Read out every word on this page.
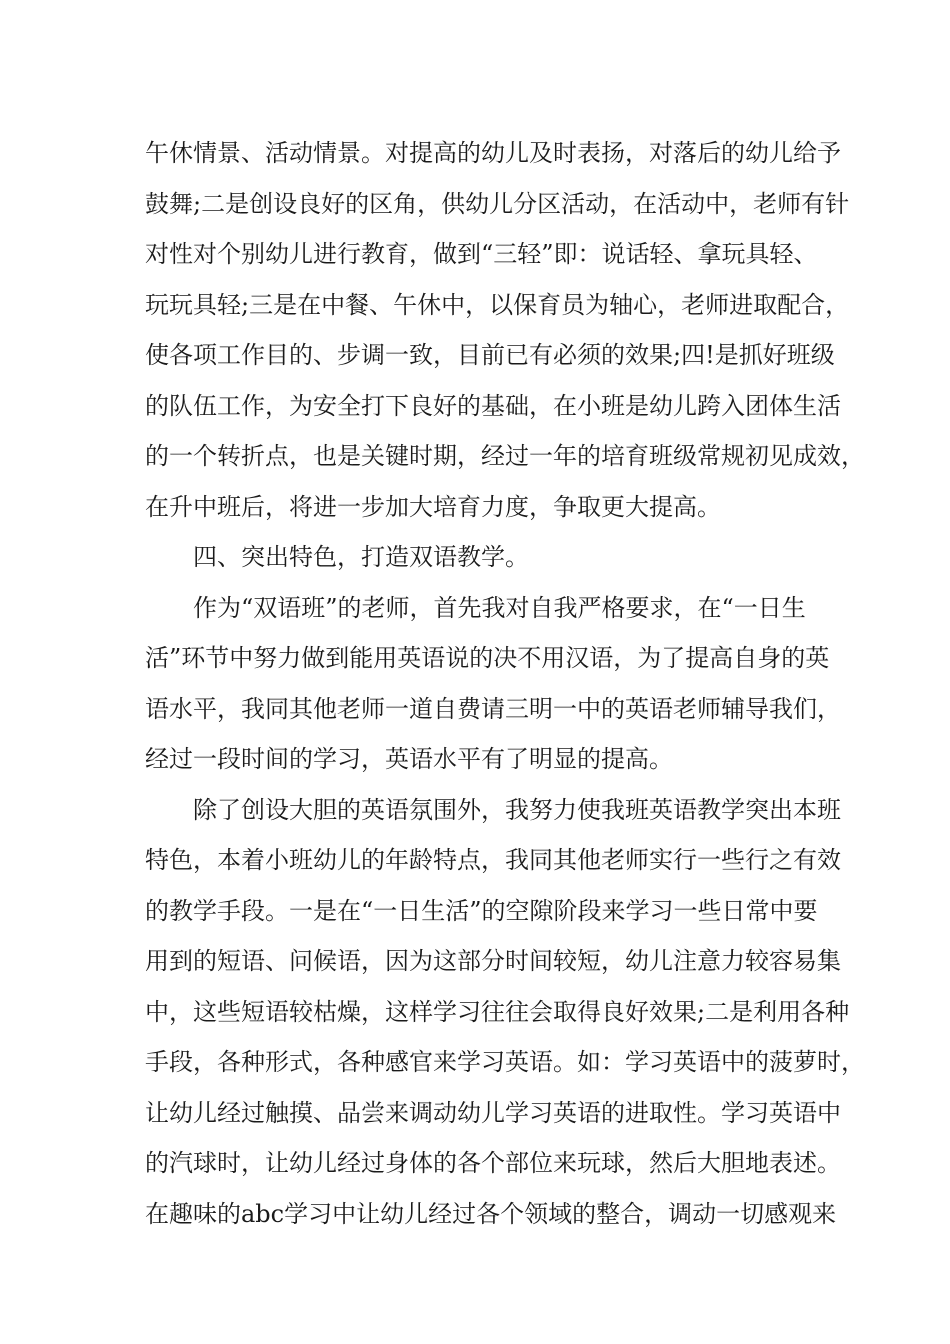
午休情景、活动情景。对提高的幼儿及时表扬，对落后的幼儿给予
鼓舞;二是创设良好的区角，供幼儿分区活动，在活动中，老师有针
对性对个别幼儿进行教育，做到“三轻”即：说话轻、拿玩具轻、
玩玩具轻;三是在中餐、午休中，以保育员为轴心，老师进取配合，
使各项工作目的、步调一致，目前已有必须的效果;四!是抓好班级
的队伍工作，为安全打下良好的基础，在小班是幼儿跨入团体生活
的一个转折点，也是关键时期，经过一年的培育班级常规初见成效，
在升中班后，将进一步加大培育力度，争取更大提高。
四、突出特色，打造双语教学。
作为“双语班”的老师，首先我对自我严格要求，在“一日生
活”环节中努力做到能用英语说的决不用汉语，为了提高自身的英
语水平，我同其他老师一道自费请三明一中的英语老师辅导我们，
经过一段时间的学习，英语水平有了明显的提高。
除了创设大胆的英语氛围外，我努力使我班英语教学突出本班
特色，本着小班幼儿的年龄特点，我同其他老师实行一些行之有效
的教学手段。一是在“一日生活”的空隙阶段来学习一些日常中要
用到的短语、问候语，因为这部分时间较短，幼儿注意力较容易集
中，这些短语较枯燥，这样学习往往会取得良好效果;二是利用各种
手段，各种形式，各种感官来学习英语。如：学习英语中的菠萝时，
让幼儿经过触摸、品尝来调动幼儿学习英语的进取性。学习英语中
的汽球时，让幼儿经过身体的各个部位来玩球，然后大胆地表述。
在趣味的abc学习中让幼儿经过各个领域的整合，调动一切感观来
